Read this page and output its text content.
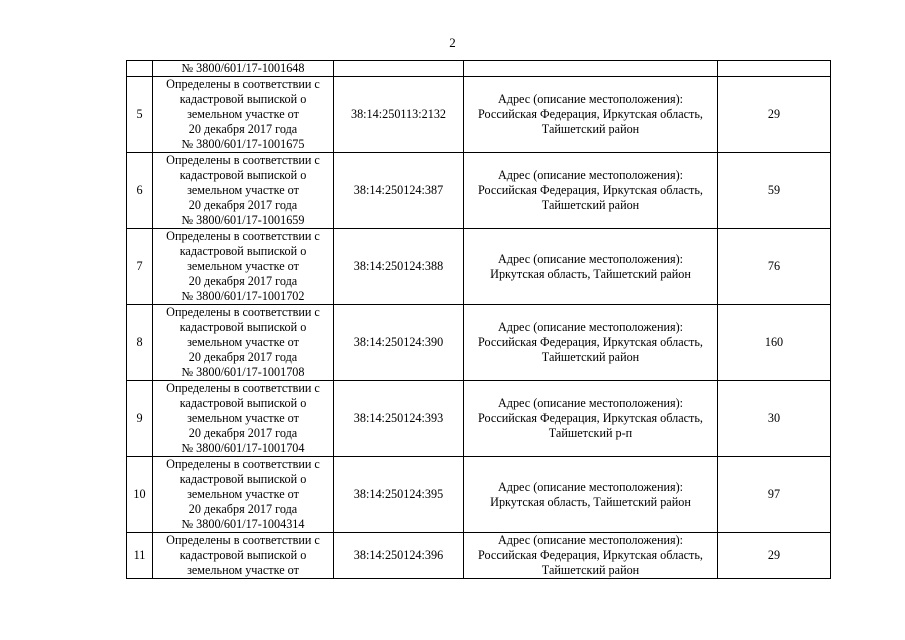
2

	№ 3800/601/17-1001648			

5	Определены в соответствии с
кадастровой выпиской о
земельном участке от
20 декабря 2017 года
№ 3800/601/17-1001675	38:14:250113:2132	Адрес (описание местоположения):
Российская Федерация, Иркутская область,
Тайшетский район	29
6	Определены в соответствии с
кадастровой выпиской о
земельном участке от
20 декабря 2017 года
№ 3800/601/17-1001659	38:14:250124:387	Адрес (описание местоположения):
Российская Федерация, Иркутская область,
Тайшетский район	59
7	Определены в соответствии с
кадастровой выпиской о
земельном участке от
20 декабря 2017 года
№ 3800/601/17-1001702	38:14:250124:388	Адрес (описание местоположения):
Иркутская область, Тайшетский район	76
8	Определены в соответствии с
кадастровой выпиской о
земельном участке от
20 декабря 2017 года
№ 3800/601/17-1001708	38:14:250124:390	Адрес (описание местоположения):
Российская Федерация, Иркутская область,
Тайшетский район	160
9	Определены в соответствии с
кадастровой выпиской о
земельном участке от
20 декабря 2017 года
№ 3800/601/17-1001704	38:14:250124:393	Адрес (описание местоположения):
Российская Федерация, Иркутская область,
Тайшетский р-п	30
10	Определены в соответствии с
кадастровой выпиской о
земельном участке от
20 декабря 2017 года
№ 3800/601/17-1004314	38:14:250124:395	Адрес (описание местоположения):
Иркутская область, Тайшетский район	97
11	Определены в соответствии с
кадастровой выпиской о
земельном участке от	38:14:250124:396	Адрес (описание местоположения):
Российская Федерация, Иркутская область,
Тайшетский район	29
